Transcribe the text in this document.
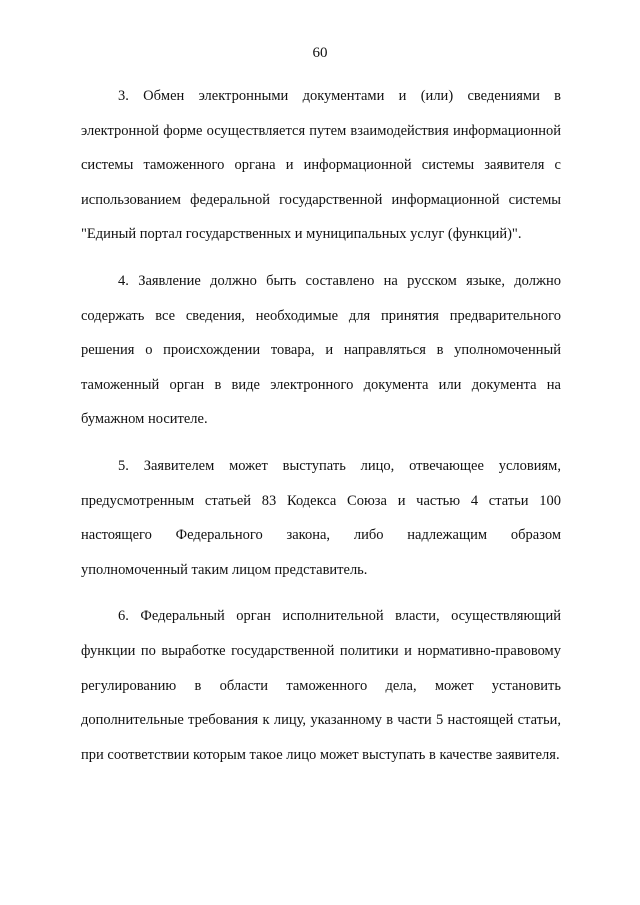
60

3. Обмен электронными документами и (или) сведениями в электронной форме осуществляется путем взаимодействия информационной системы таможенного органа и информационной системы заявителя с использованием федеральной государственной информационной системы "Единый портал государственных и муниципальных услуг (функций)".

4. Заявление должно быть составлено на русском языке, должно содержать все сведения, необходимые для принятия предварительного решения о происхождении товара, и направляться в уполномоченный таможенный орган в виде электронного документа или документа на бумажном носителе.

5. Заявителем может выступать лицо, отвечающее условиям, предусмотренным статьей 83 Кодекса Союза и частью 4 статьи 100 настоящего Федерального закона, либо надлежащим образом уполномоченный таким лицом представитель.

6. Федеральный орган исполнительной власти, осуществляющий функции по выработке государственной политики и нормативно-правовому регулированию в области таможенного дела, может установить дополнительные требования к лицу, указанному в части 5 настоящей статьи, при соответствии которым такое лицо может выступать в качестве заявителя.
